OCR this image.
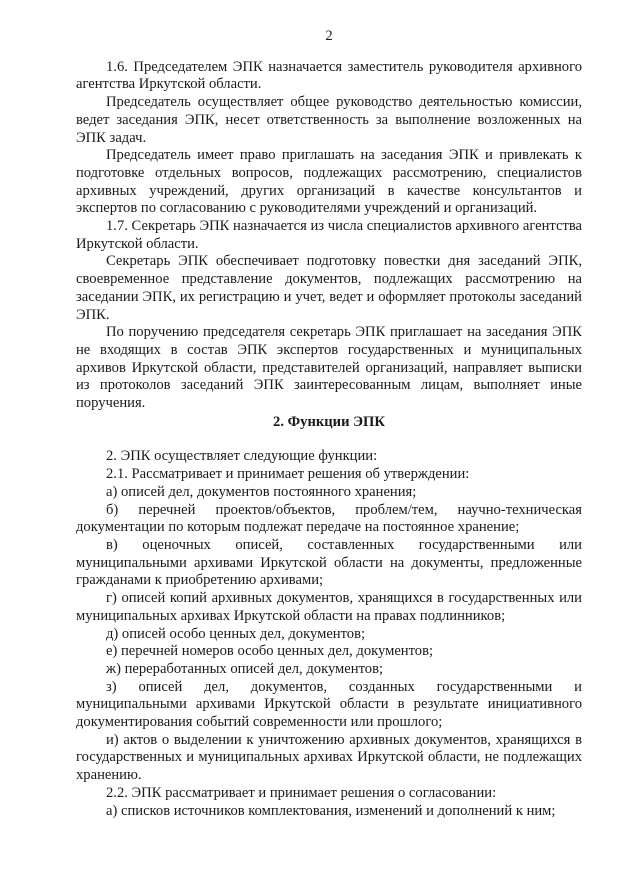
2

1.6. Председателем ЭПК назначается заместитель руководителя архивного агентства Иркутской области.

Председатель осуществляет общее руководство деятельностью комиссии, ведет заседания ЭПК, несет ответственность за выполнение возложенных на ЭПК задач.

Председатель имеет право приглашать на заседания ЭПК и привлекать к подготовке отдельных вопросов, подлежащих рассмотрению, специалистов архивных учреждений, других организаций в качестве консультантов и экспертов по согласованию с руководителями учреждений и организаций.

1.7. Секретарь ЭПК назначается из числа специалистов архивного агентства Иркутской области.

Секретарь ЭПК обеспечивает подготовку повестки дня заседаний ЭПК, своевременное представление документов, подлежащих рассмотрению на заседании ЭПК, их регистрацию и учет, ведет и оформляет протоколы заседаний ЭПК.

По поручению председателя секретарь ЭПК приглашает на заседания ЭПК не входящих в состав ЭПК экспертов государственных и муниципальных архивов Иркутской области, представителей организаций, направляет выписки из протоколов заседаний ЭПК заинтересованным лицам, выполняет иные поручения.

2. Функции ЭПК

2. ЭПК осуществляет следующие функции:

2.1. Рассматривает и принимает решения об утверждении:

а) описей дел, документов постоянного хранения;

б) перечней проектов/объектов, проблем/тем, научно-техническая документации по которым подлежат передаче на постоянное хранение;

в) оценочных описей, составленных государственными или муниципальными архивами Иркутской области на документы, предложенные гражданами к приобретению архивами;

г) описей копий архивных документов, хранящихся в государственных или муниципальных архивах Иркутской области на правах подлинников;

д) описей особо ценных дел, документов;

е) перечней номеров особо ценных дел, документов;

ж) переработанных описей дел, документов;

з) описей дел, документов, созданных государственными и муниципальными архивами Иркутской области в результате инициативного документирования событий современности или прошлого;

и) актов о выделении к уничтожению архивных документов, хранящихся в государственных и муниципальных архивах Иркутской области, не подлежащих хранению.

2.2. ЭПК рассматривает и принимает решения о согласовании:

а) списков источников комплектования, изменений и дополнений к ним;
